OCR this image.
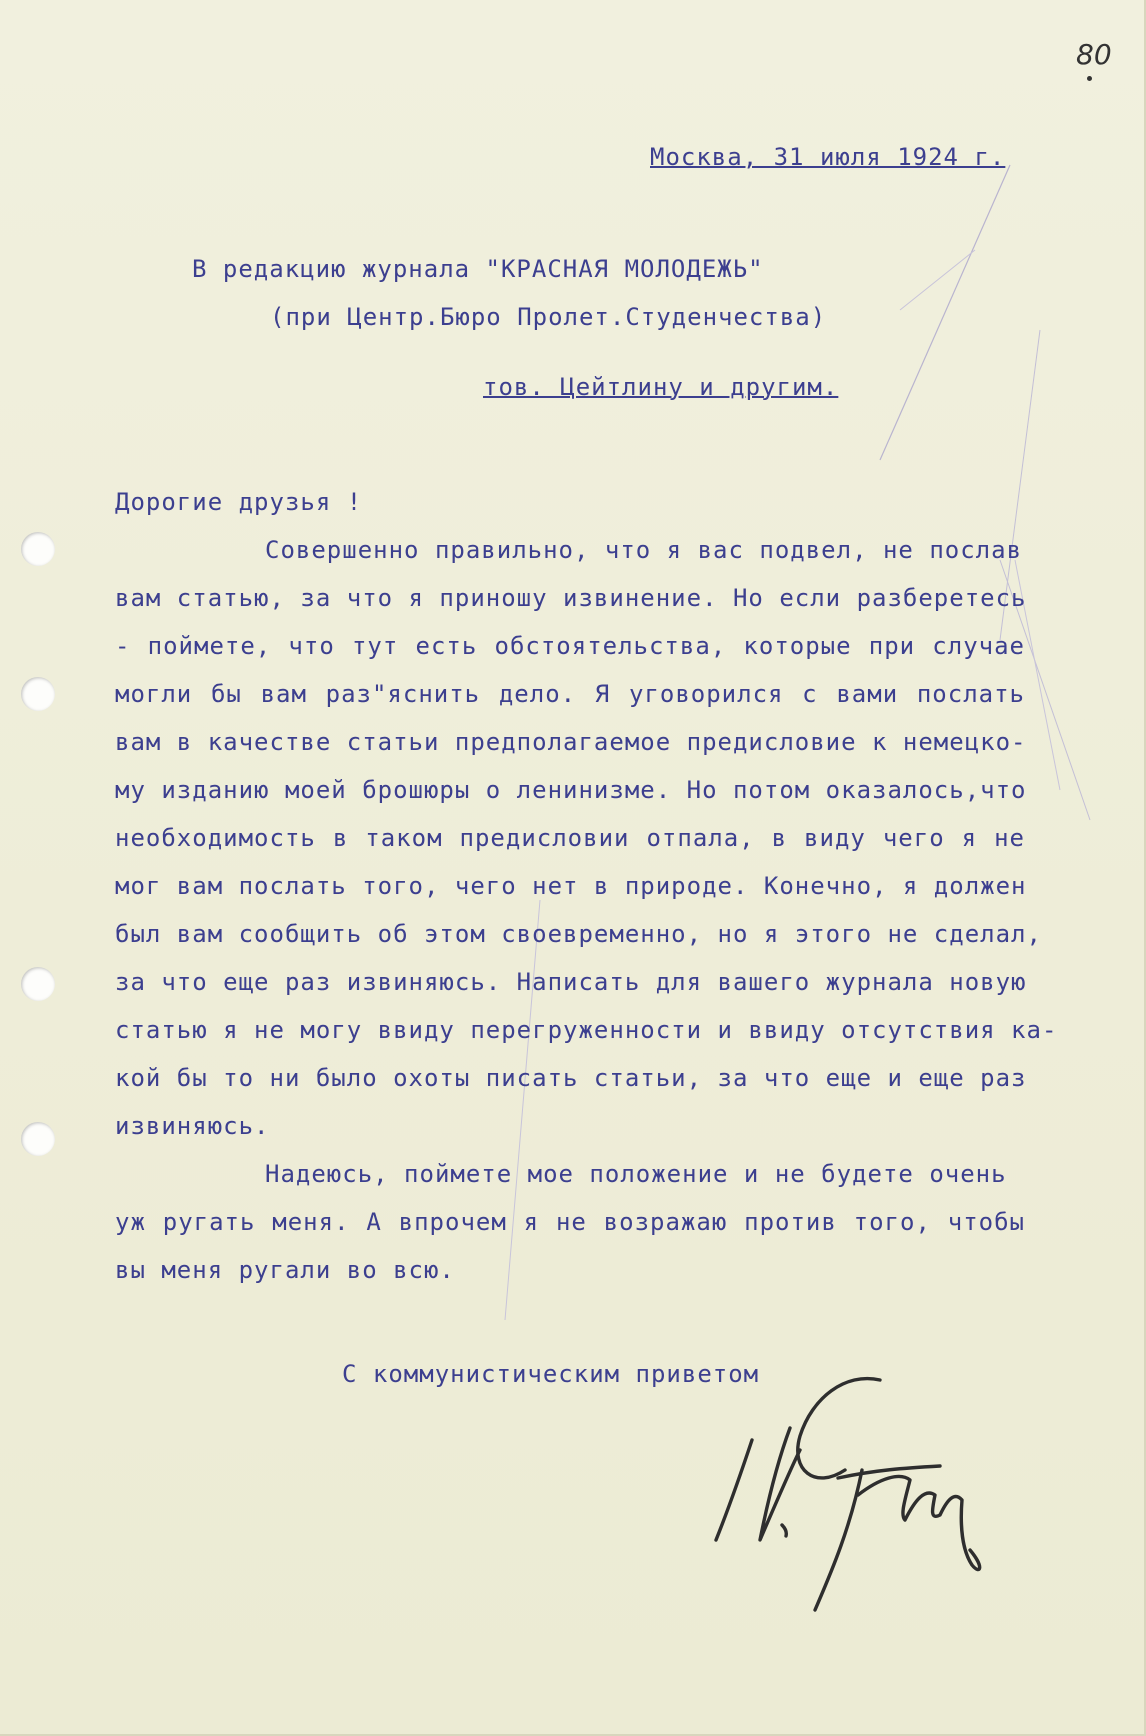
80
Москва, 31 июля 1924 г.
В редакцию журнала "КРАСНАЯ МОЛОДЕЖЬ"
(при Центр.Бюро Пролет.Студенчества)
тов. Цейтлину и другим.
Дорогие друзья !
Совершенно правильно, что я вас подвел, не послав
вам статью, за что я приношу извинение. Но если разберетесь
- поймете, что тут есть обстоятельства, которые при случае
могли бы вам раз"яснить дело. Я уговорился с вами послать
вам в качестве статьи предполагаемое предисловие к немецко-
му изданию моей брошюры о ленинизме. Но потом оказалось,что
необходимость в таком предисловии отпала, в виду чего я не
мог вам послать того, чего нет в природе. Конечно, я должен
был вам сообщить об этом своевременно, но я этого не сделал,
за что еще раз извиняюсь. Написать для вашего журнала новую
статью я не могу ввиду перегруженности и ввиду отсутствия ка-
кой бы то ни было охоты писать статьи, за что еще и еще раз
извиняюсь.
Надеюсь, поймете мое положение и не будете очень
уж ругать меня. А впрочем я не возражаю против того, чтобы
вы меня ругали во всю.
С коммунистическим приветом
